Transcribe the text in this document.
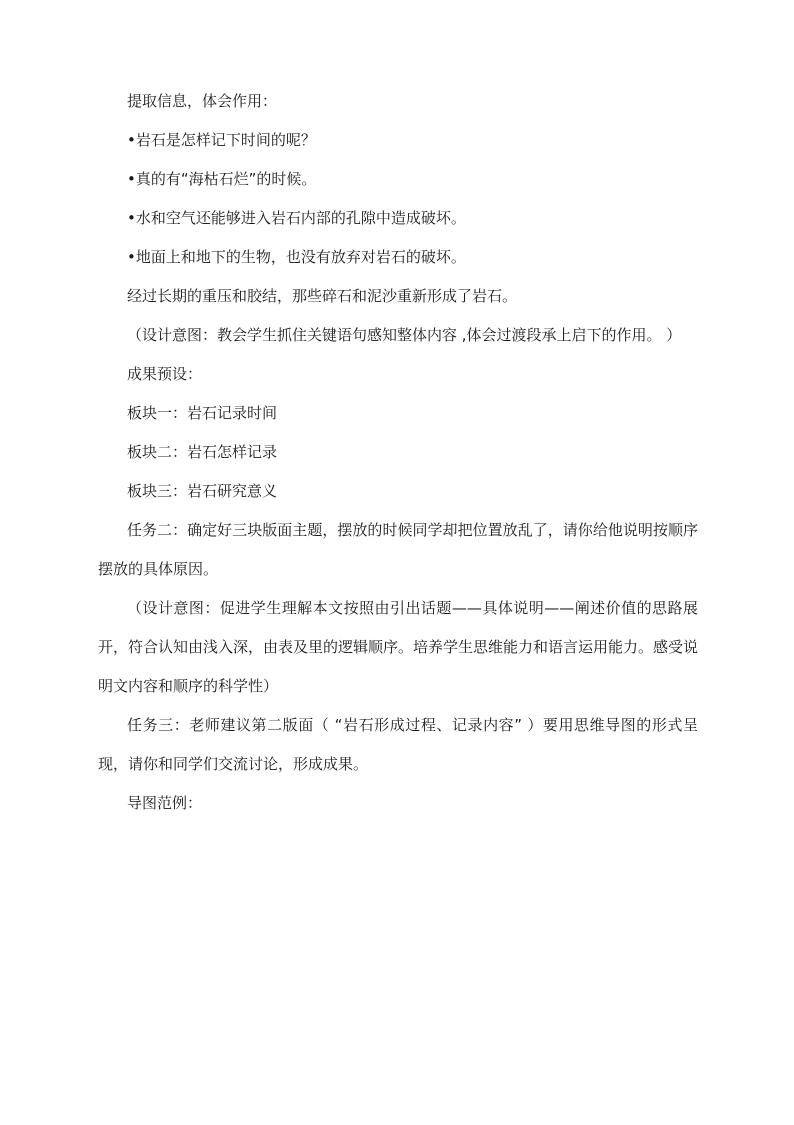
提取信息，体会作用：

•岩石是怎样记下时间的呢？

•真的有“海枯石烂”的时候。

•水和空气还能够进入岩石内部的孔隙中造成破坏。

•地面上和地下的生物，也没有放弃对岩石的破坏。

经过长期的重压和胶结，那些碎石和泥沙重新形成了岩石。

（设计意图：教会学生抓住关键语句感知整体内容 ,体会过渡段承上启下的作用。 ）

成果预设：

板块一：岩石记录时间

板块二：岩石怎样记录

板块三：岩石研究意义

任务二：确定好三块版面主题，摆放的时候同学却把位置放乱了，请你给他说明按顺序摆放的具体原因。

（设计意图：促进学生理解本文按照由引出话题——具体说明——阐述价值的思路展开，符合认知由浅入深，由表及里的逻辑顺序。培养学生思维能力和语言运用能力。感受说明文内容和顺序的科学性）

任务三：老师建议第二版面（ “岩石形成过程、记录内容” ）要用思维导图的形式呈现，请你和同学们交流讨论，形成成果。

导图范例：
